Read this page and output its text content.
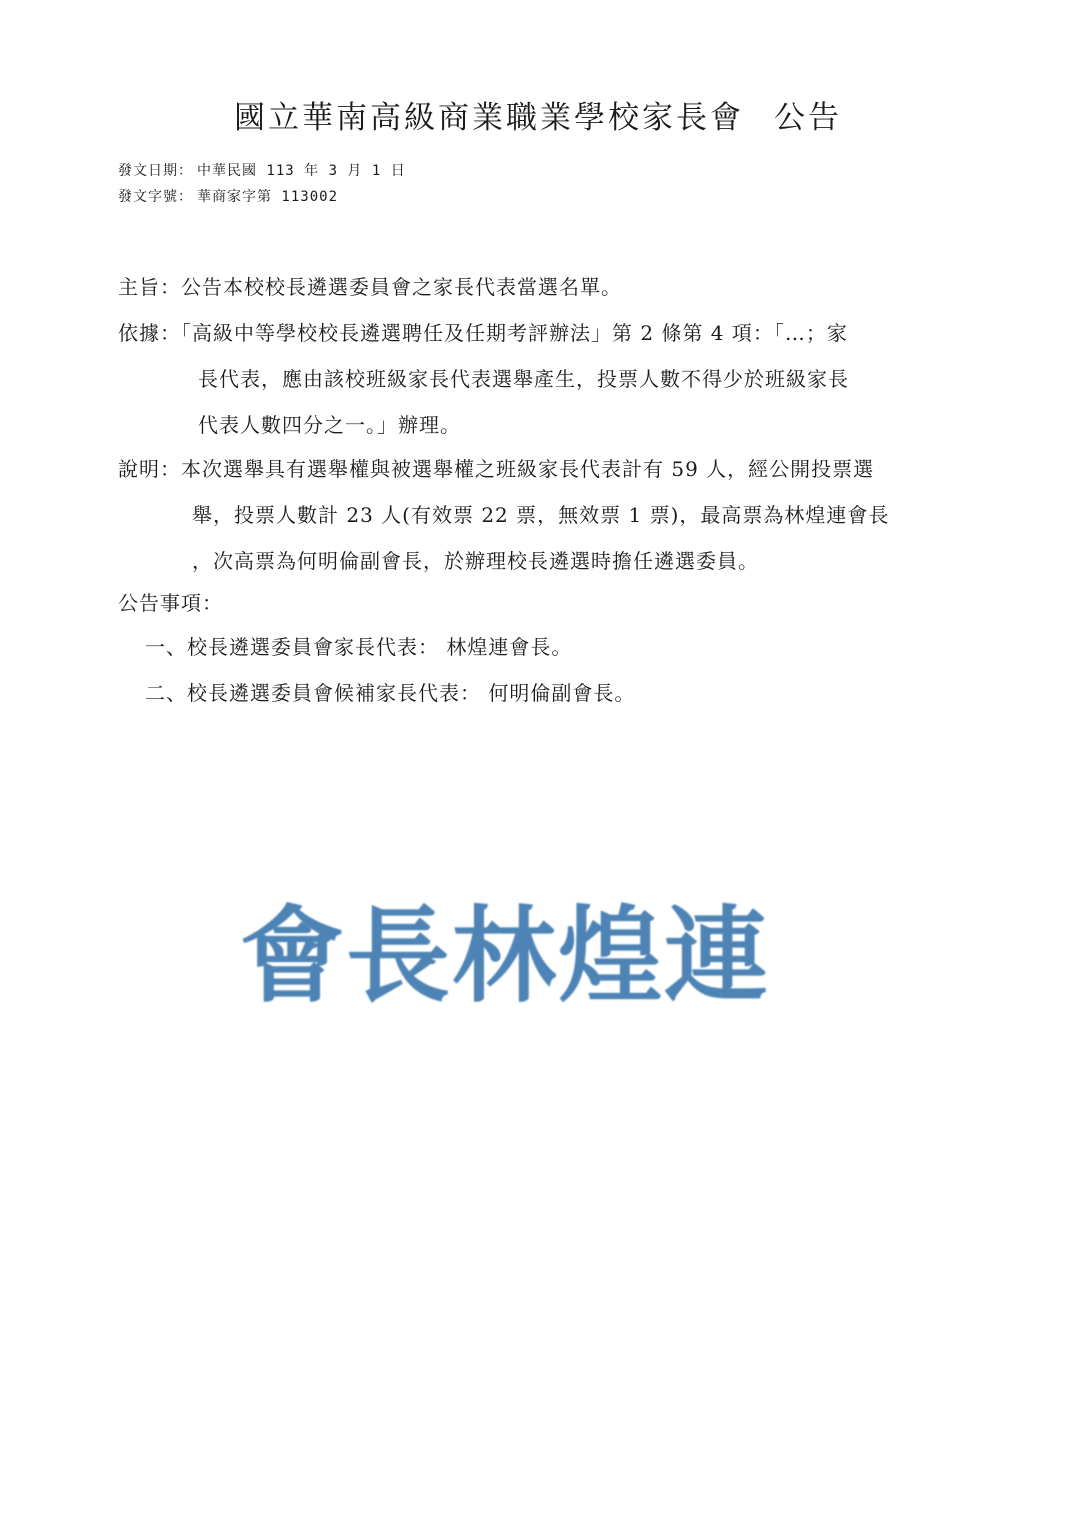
國立華南高級商業職業學校家長會 公告
發文日期： 中華民國 113 年 3 月 1 日
發文字號： 華商家字第 113002
主旨：公告本校校長遴選委員會之家長代表當選名單。
依據：「高級中等學校校長遴選聘任及任期考評辦法」第 2 條第 4 項：「…；家
長代表，應由該校班級家長代表選舉產生，投票人數不得少於班級家長
代表人數四分之一。」辦理。
說明：本次選舉具有選舉權與被選舉權之班級家長代表計有 59 人，經公開投票選
舉，投票人數計 23 人(有效票 22 票，無效票 1 票)，最高票為林煌連會長
，次高票為何明倫副會長，於辦理校長遴選時擔任遴選委員。
公告事項：
一、校長遴選委員會家長代表： 林煌連會長。
二、校長遴選委員會候補家長代表： 何明倫副會長。
會長林煌連
